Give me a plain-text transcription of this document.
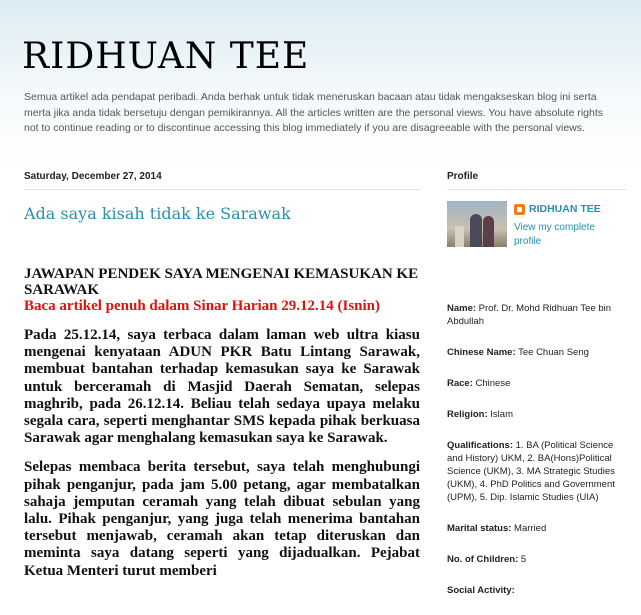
RIDHUAN TEE

Semua artikel ada pendapat peribadi. Anda berhak untuk tidak meneruskan bacaan atau tidak mengakseskan blog ini serta merta jika anda tidak bersetuju dengan pemikirannya. All the articles written are the personal views. You have absolute rights not to continue reading or to discontinue accessing this blog immediately if you are disagreeable with the personal views.

Saturday, December 27, 2014
Ada saya kisah tidak ke Sarawak

JAWAPAN PENDEK SAYA MENGENAI KEMASUKAN KE SARAWAK

Baca artikel penuh dalam Sinar Harian 29.12.14 (Isnin)

Pada 25.12.14, saya terbaca dalam laman web ultra kiasu mengenai kenyataan ADUN PKR Batu Lintang Sarawak, membuat bantahan terhadap kemasukan saya ke Sarawak untuk berceramah di Masjid Daerah Sematan, selepas maghrib, pada 26.12.14. Beliau telah sedaya upaya melaku segala cara, seperti menghantar SMS kepada pihak berkuasa Sarawak agar menghalang kemasukan saya ke Sarawak.

Selepas membaca berita tersebut, saya telah menghubungi pihak penganjur, pada jam 5.00 petang, agar membatalkan sahaja jemputan ceramah yang telah dibuat sebulan yang lalu. Pihak penganjur, yang juga telah menerima bantahan tersebut menjawab, ceramah akan tetap diteruskan dan meminta saya datang seperti yang dijadualkan. Pejabat Ketua Menteri turut memberi

Profile
RIDHUAN TEE
View my complete profile

Name: Prof. Dr. Mohd Ridhuan Tee bin Abdullah

Chinese Name: Tee Chuan Seng

Race: Chinese

Religion: Islam

Qualifications: 1. BA (Political Science and History) UKM, 2. BA(Hons)Political Science (UKM), 3. MA Strategic Studies (UKM), 4. PhD Politics and Government (UPM), 5. Dip. Islamic Studies (UIA)

Marital status: Married

No. of Children: 5

Social Activity:
